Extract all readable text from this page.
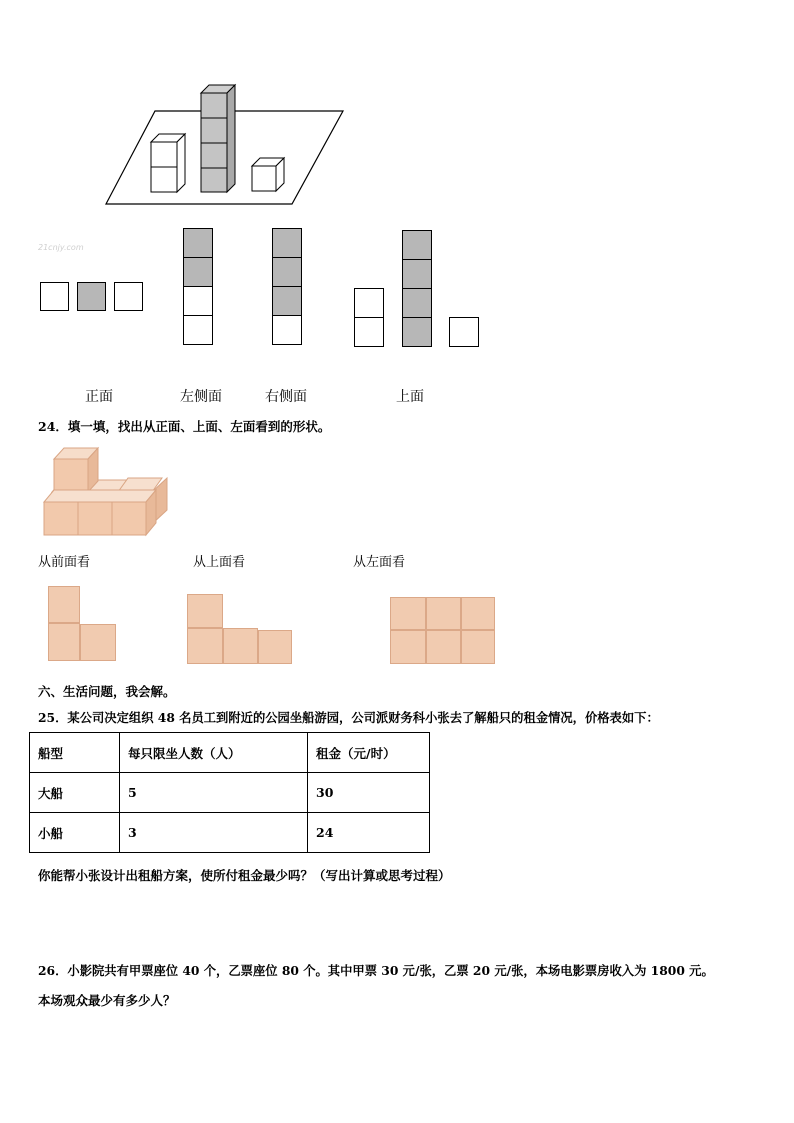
21cnjy.com
正面	左侧面	右侧面	上面
24．填一填，找出从正面、上面、左面看到的形状。
从前面看	从上面看	从左面看
六、生活问题，我会解。
25．某公司决定组织 48 名员工到附近的公园坐船游园，公司派财务科小张去了解船只的租金情况，价格表如下：
船型	每只限坐人数（人）	租金（元/时）
大船	5	30
小船	3	24
你能帮小张设计出租船方案，使所付租金最少吗？（写出计算或思考过程）
26．小影院共有甲票座位 40 个，乙票座位 80 个。其中甲票 30 元/张，乙票 20 元/张，本场电影票房收入为 1800 元。
本场观众最少有多少人？
